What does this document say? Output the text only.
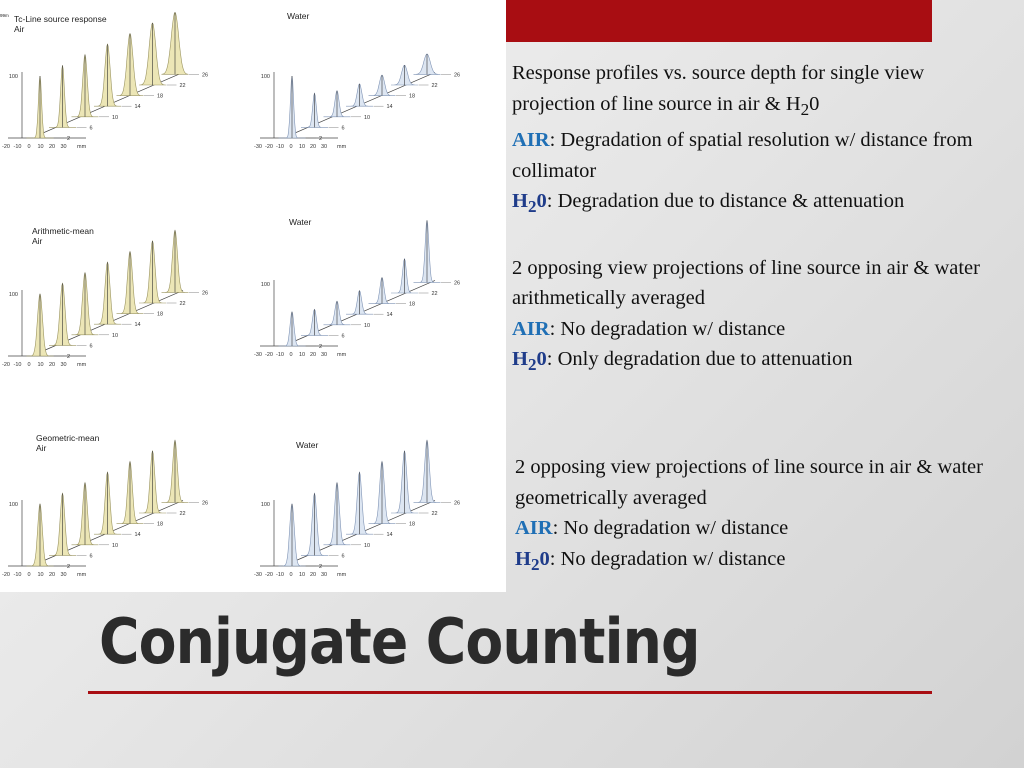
99m Tc-Line source response
Air
100
-20 -10 0 10 20 30 mm
2
6
10
14
18
22
26
Water
100
-30 -20 -10 0 10 20 30 mm
2
6
10
14
18
22
26
Arithmetic-mean
Air
100
-20 -10 0 10 20 30 mm
2
6
10
14
18
22
26
Water
100
-30 -20 -10 0 10 20 30 mm
2
6
10
14
18
22
26
Geometric-mean
Air
100
-20 -10 0 10 20 30 mm
2
6
10
14
18
22
26
Water
100
-30 -20 -10 0 10 20 30 mm
2
6
10
14
18
22
26

Response profiles vs. source depth for single view projection of line source in air & $H_20$

AIR: Degradation of spatial resolution w/ distance from collimator

$H_20$: Degradation due to distance & attenuation

2 opposing view projections of line source in air & water arithmetically averaged

AIR: No degradation w/ distance

$H_20$: Only degradation due to attenuation

2 opposing view projections of line source in air & water geometrically averaged

AIR: No degradation w/ distance

$H_20$: No degradation w/ distance

Conjugate Counting
